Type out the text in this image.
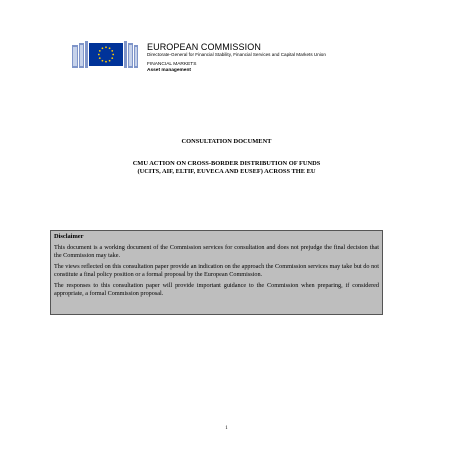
EUROPEAN COMMISSION
Directorate-General for Financial Stability, Financial Services and Capital Markets Union
FINANCIAL MARKETS
Asset management
CONSULTATION DOCUMENT
CMU ACTION ON CROSS-BORDER DISTRIBUTION OF FUNDS
(UCITS, AIF, ELTIF, EUVECA AND EUSEF) ACROSS THE EU
Disclaimer

This document is a working document of the Commission services for consultation and does not prejudge the final decision that the Commission may take.

The views reflected on this consultation paper provide an indication on the approach the Commission services may take but do not constitute a final policy position or a formal proposal by the European Commission.

The responses to this consultation paper will provide important guidance to the Commission when preparing, if considered appropriate, a formal Commission proposal.

1
